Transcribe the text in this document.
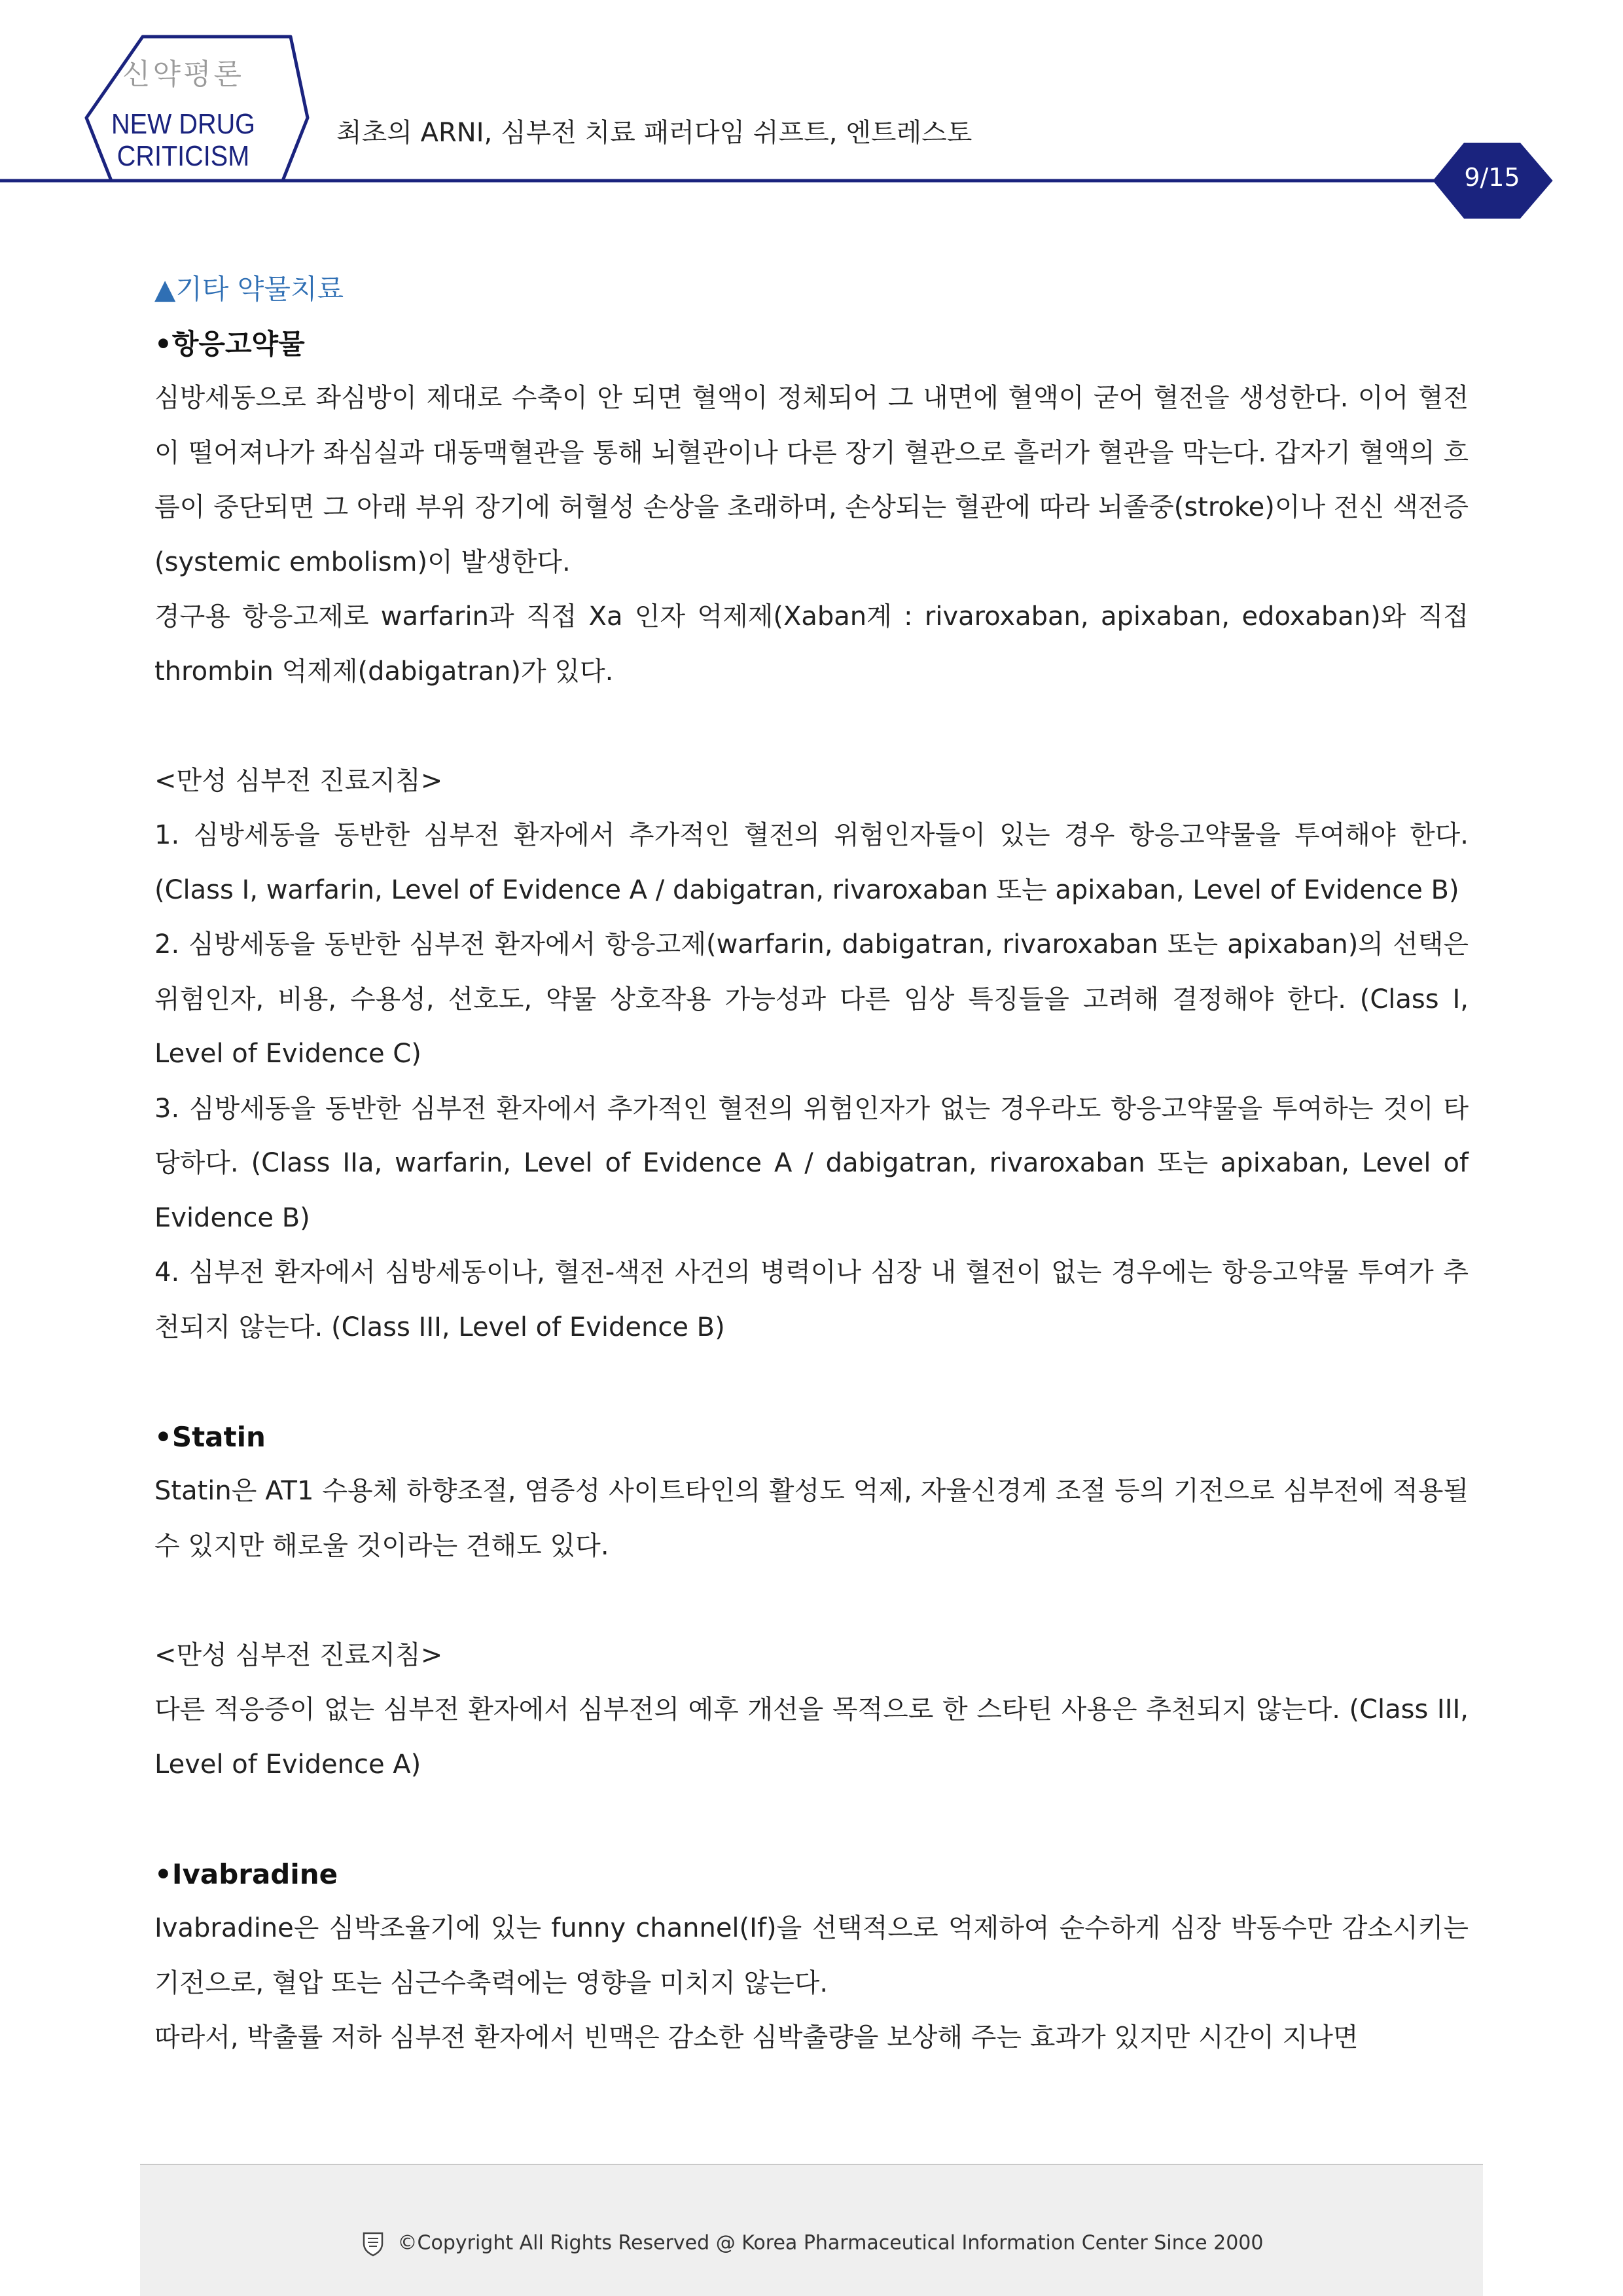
신약평론
NEW DRUG
CRITICISM
최초의 ARNI, 심부전 치료 패러다임 쉬프트, 엔트레스토
9/15

▲기타 약물치료

•항응고약물

심방세동으로 좌심방이 제대로 수축이 안 되면 혈액이 정체되어 그 내면에 혈액이 굳어 혈전을 생성한다. 이어 혈전이 떨어져나가 좌심실과 대동맥혈관을 통해 뇌혈관이나 다른 장기 혈관으로 흘러가 혈관을 막는다. 갑자기 혈액의 흐름이 중단되면 그 아래 부위 장기에 허혈성 손상을 초래하며, 손상되는 혈관에 따라 뇌졸중(stroke)이나 전신 색전증(systemic embolism)이 발생한다.

경구용 항응고제로 warfarin과 직접 Xa 인자 억제제(Xaban계 : rivaroxaban, apixaban, edoxaban)와 직접 thrombin 억제제(dabigatran)가 있다.

<만성 심부전 진료지침>

1. 심방세동을 동반한 심부전 환자에서 추가적인 혈전의 위험인자들이 있는 경우 항응고약물을 투여해야 한다. (Class I, warfarin, Level of Evidence A / dabigatran, rivaroxaban 또는 apixaban, Level of Evidence B)

2. 심방세동을 동반한 심부전 환자에서 항응고제(warfarin, dabigatran, rivaroxaban 또는 apixaban)의 선택은 위험인자, 비용, 수용성, 선호도, 약물 상호작용 가능성과 다른 임상 특징들을 고려해 결정해야 한다. (Class I, Level of Evidence C)

3. 심방세동을 동반한 심부전 환자에서 추가적인 혈전의 위험인자가 없는 경우라도 항응고약물을 투여하는 것이 타당하다. (Class IIa, warfarin, Level of Evidence A / dabigatran, rivaroxaban 또는 apixaban, Level of Evidence B)

4. 심부전 환자에서 심방세동이나, 혈전-색전 사건의 병력이나 심장 내 혈전이 없는 경우에는 항응고약물 투여가 추천되지 않는다. (Class III, Level of Evidence B)

•Statin

Statin은 AT1 수용체 하향조절, 염증성 사이트타인의 활성도 억제, 자율신경계 조절 등의 기전으로 심부전에 적용될 수 있지만 해로울 것이라는 견해도 있다.

<만성 심부전 진료지침>

다른 적응증이 없는 심부전 환자에서 심부전의 예후 개선을 목적으로 한 스타틴 사용은 추천되지 않는다. (Class III, Level of Evidence A)

•Ivabradine

Ivabradine은 심박조율기에 있는 funny channel(If)을 선택적으로 억제하여 순수하게 심장 박동수만 감소시키는 기전으로, 혈압 또는 심근수축력에는 영향을 미치지 않는다.

따라서, 박출률 저하 심부전 환자에서 빈맥은 감소한 심박출량을 보상해 주는 효과가 있지만 시간이 지나면

©Copyright All Rights Reserved @ Korea Pharmaceutical Information Center Since 2000
